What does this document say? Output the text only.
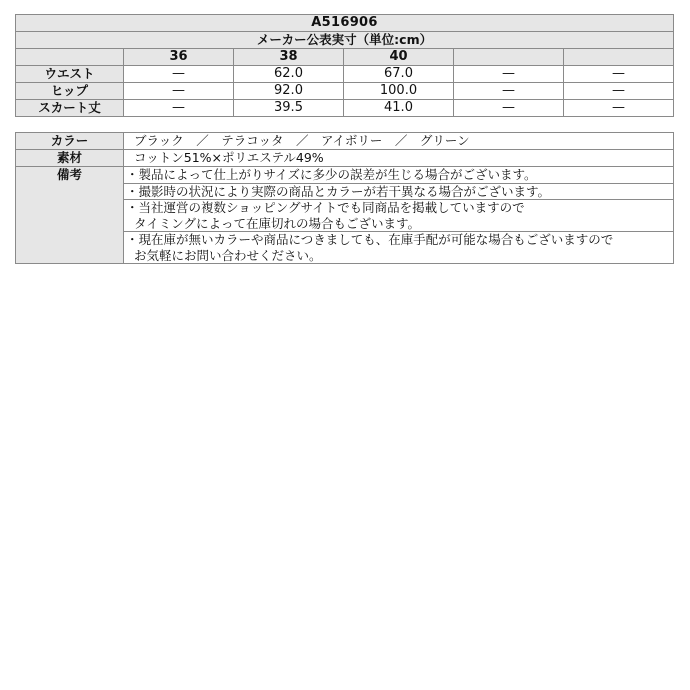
A516906					
メーカー公表実寸（単位:cm）					
	36	38	40		
ウエスト	—	62.0	67.0	—	—
ヒップ	—	92.0	100.0	—	—
スカート丈	—	39.5	41.0	—	—
カラー	ブラック　／　テラコッタ　／　アイボリー　／　グリーン
素材	コットン51%×ポリエステル49%
備考	・製品によって仕上がりサイズに多少の誤差が生じる場合がございます。

	・撮影時の状況により実際の商品とカラーが若干異なる場合がございます。

	・当社運営の複数ショッピングサイトでも同商品を掲載していますので
タイミングによって在庫切れの場合もございます。

	・現在庫が無いカラーや商品につきましても、在庫手配が可能な場合もございますので
お気軽にお問い合わせください。
